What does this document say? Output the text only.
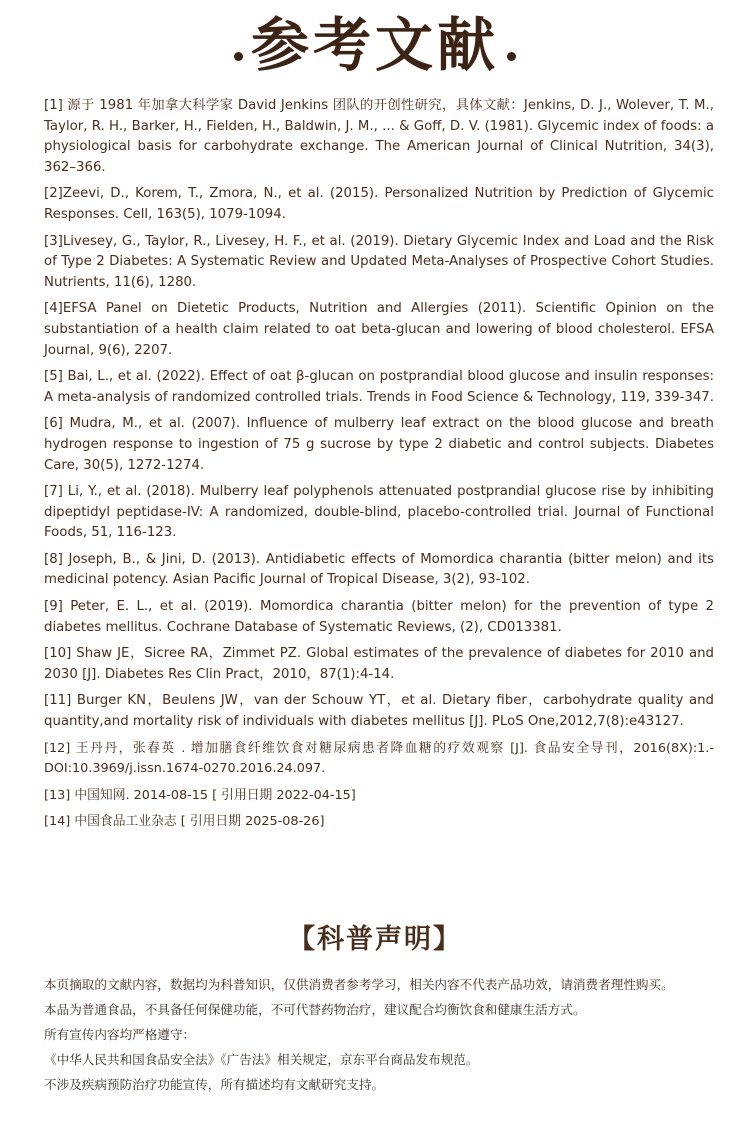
参考文献

[1] 源于 1981 年加拿大科学家 David Jenkins 团队的开创性研究，具体文献：Jenkins, D. J., Wolever, T. M., Taylor, R. H., Barker, H., Fielden, H., Baldwin, J. M., ... & Goff, D. V. (1981). Glycemic index of foods: a physiological basis for carbohydrate exchange. The American Journal of Clinical Nutrition, 34(3), 362–366.

[2]Zeevi, D., Korem, T., Zmora, N., et al. (2015). Personalized Nutrition by Prediction of Glycemic Responses. Cell, 163(5), 1079-1094.

[3]Livesey, G., Taylor, R., Livesey, H. F., et al. (2019). Dietary Glycemic Index and Load and the Risk of Type 2 Diabetes: A Systematic Review and Updated Meta-Analyses of Prospective Cohort Studies. Nutrients, 11(6), 1280.

[4]EFSA Panel on Dietetic Products, Nutrition and Allergies (2011). Scientific Opinion on the substantiation of a health claim related to oat beta-glucan and lowering of blood cholesterol. EFSA Journal, 9(6), 2207.

[5] Bai, L., et al. (2022). Effect of oat β-glucan on postprandial blood glucose and insulin responses: A meta-analysis of randomized controlled trials. Trends in Food Science & Technology, 119, 339-347.

[6] Mudra, M., et al. (2007). Influence of mulberry leaf extract on the blood glucose and breath hydrogen response to ingestion of 75 g sucrose by type 2 diabetic and control subjects. Diabetes Care, 30(5), 1272-1274.

[7] Li, Y., et al. (2018). Mulberry leaf polyphenols attenuated postprandial glucose rise by inhibiting dipeptidyl peptidase-IV: A randomized, double-blind, placebo-controlled trial. Journal of Functional Foods, 51, 116-123.

[8] Joseph, B., & Jini, D. (2013). Antidiabetic effects of Momordica charantia (bitter melon) and its medicinal potency. Asian Pacific Journal of Tropical Disease, 3(2), 93-102.

[9] Peter, E. L., et al. (2019). Momordica charantia (bitter melon) for the prevention of type 2 diabetes mellitus. Cochrane Database of Systematic Reviews, (2), CD013381.

[10] Shaw JE，Sicree RA，Zimmet PZ. Global estimates of the prevalence of diabetes for 2010 and 2030 [J]. Diabetes Res Clin Pract，2010，87(1):4-14.

[11] Burger KN，Beulens JW，van der Schouw YT，et al. Dietary fiber，carbohydrate quality and quantity,and mortality risk of individuals with diabetes mellitus [J]. PLoS One,2012,7(8):e43127.

[12] 王丹丹，张春英 . 增加膳食纤维饮食对糖尿病患者降血糖的疗效观察 [J]. 食品安全导刊，2016(8X):1.-DOI:10.3969/j.issn.1674-0270.2016.24.097.

[13] 中国知网. 2014-08-15 [ 引用日期 2022-04-15]

[14] 中国食品工业杂志 [ 引用日期 2025-08-26]

【科普声明】

本页摘取的文献内容，数据均为科普知识，仅供消费者参考学习，相关内容不代表产品功效，请消费者理性购买。

本品为普通食品，不具备任何保健功能，不可代替药物治疗，建议配合均衡饮食和健康生活方式。

所有宣传内容均严格遵守：

《中华人民共和国食品安全法》《广告法》相关规定，京东平台商品发布规范。

不涉及疾病预防治疗功能宣传，所有描述均有文献研究支持。
